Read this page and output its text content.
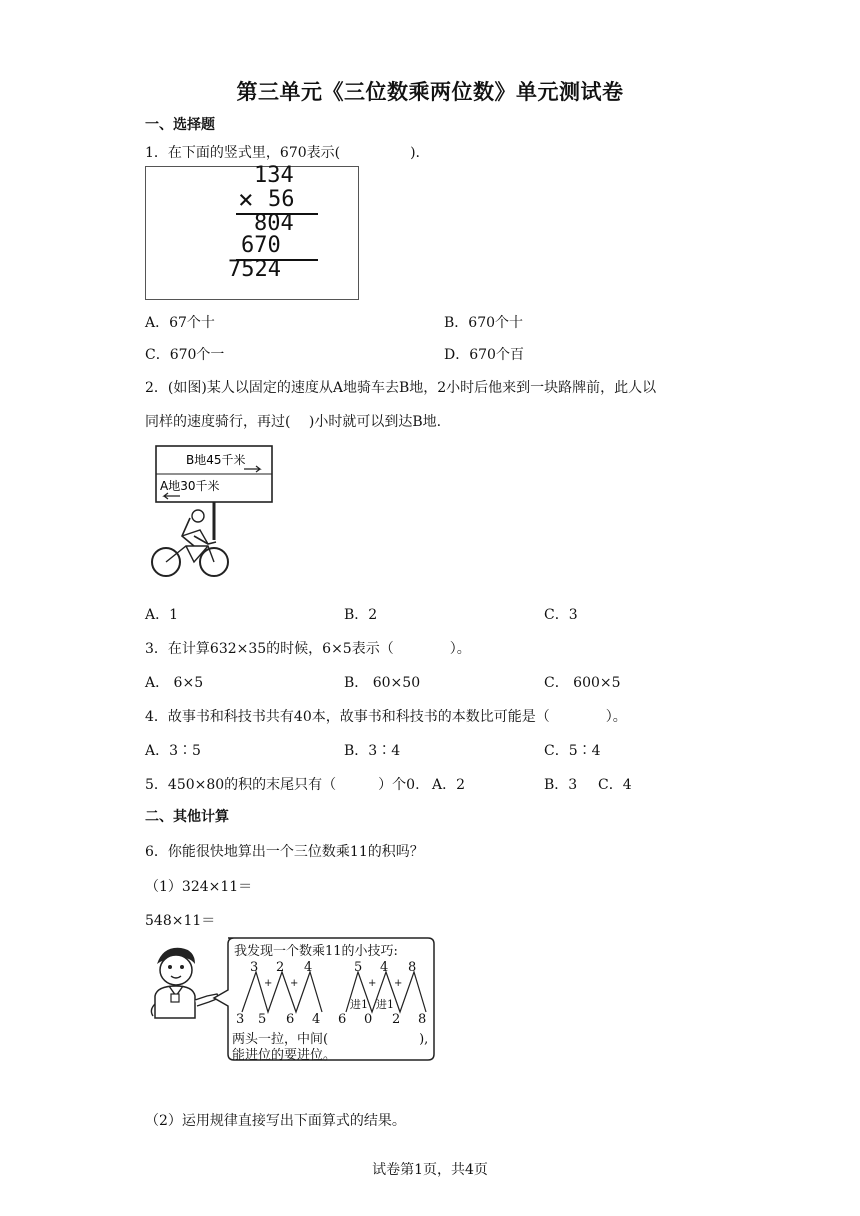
第三单元《三位数乘两位数》单元测试卷
一、选择题
1．在下面的竖式里，670表示(　　　　　).
134
× 56
804
670
7524
A．67个十	B．670个十
C．670个一	D．670个百
2．(如图)某人以固定的速度从A地骑车去B地，2小时后他来到一块路牌前，此人以
同样的速度骑行，再过(　 )小时就可以到达B地.
B地45千米
A地30千米
A．1	B．2	C．3
3．在计算632×35的时候，6×5表示（　　　　）。
A． 6×5	B． 60×50	C． 600×5
4．故事书和科技书共有40本，故事书和科技书的本数比可能是（　　　　）。
A．3∶5	B．3∶4	C．5∶4
5．450×80的积的末尾只有（　　　）个0. A．2	B．3 C．4
二、其他计算
6．你能很快地算出一个三位数乘11的积吗？
（1）324×11＝
548×11＝
我发现一个数乘11的小技巧:
3 2 4	5 4 8
+ +	+ +
进1 进1
3 5 6 4 6 0 2 8
两头一拉，中间(　　　　　　　),
能进位的要进位。
（2）运用规律直接写出下面算式的结果。
试卷第1页，共4页
